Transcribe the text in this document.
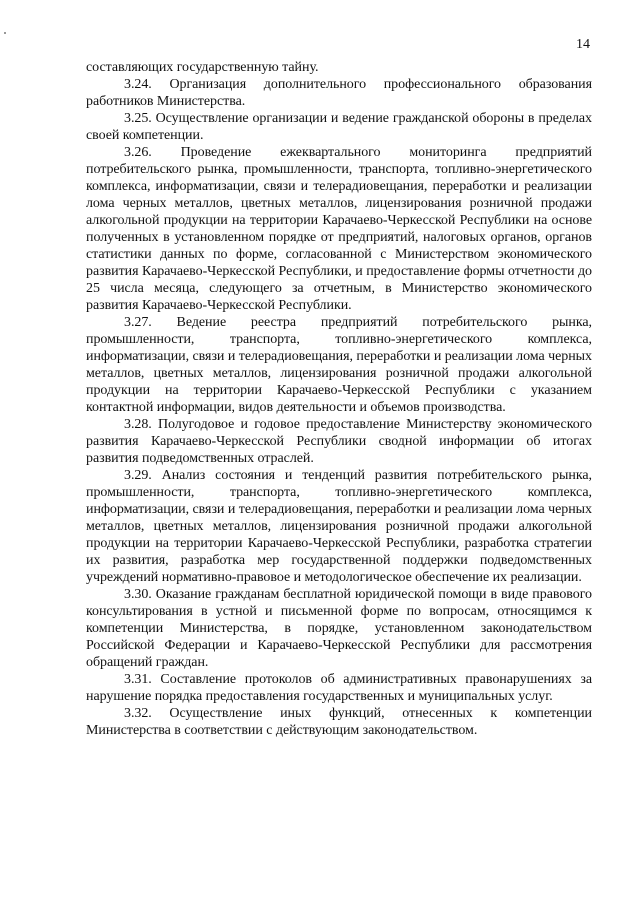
14

составляющих государственную тайну.

3.24. Организация дополнительного профессионального образования работников Министерства.

3.25. Осуществление организации и ведение гражданской обороны в пределах своей компетенции.

3.26. Проведение ежеквартального мониторинга предприятий потребительского рынка, промышленности, транспорта, топливно-энергетического комплекса, информатизации, связи и телерадиовещания, переработки и реализации лома черных металлов, цветных металлов, лицензирования розничной продажи алкогольной продукции на территории Карачаево-Черкесской Республики на основе полученных в установленном порядке от предприятий, налоговых органов, органов статистики данных по форме, согласованной с Министерством экономического развития Карачаево-Черкесской Республики, и предоставление формы отчетности до 25 числа месяца, следующего за отчетным, в Министерство экономического развития Карачаево-Черкесской Республики.

3.27. Ведение реестра предприятий потребительского рынка, промышленности, транспорта, топливно-энергетического комплекса, информатизации, связи и телерадиовещания, переработки и реализации лома черных металлов, цветных металлов, лицензирования розничной продажи алкогольной продукции на территории Карачаево-Черкесской Республики с указанием контактной информации, видов деятельности и объемов производства.

3.28. Полугодовое и годовое предоставление Министерству экономического развития Карачаево-Черкесской Республики сводной информации об итогах развития подведомственных отраслей.

3.29. Анализ состояния и тенденций развития потребительского рынка, промышленности, транспорта, топливно-энергетического комплекса, информатизации, связи и телерадиовещания, переработки и реализации лома черных металлов, цветных металлов, лицензирования розничной продажи алкогольной продукции на территории Карачаево-Черкесской Республики, разработка стратегии их развития, разработка мер государственной поддержки подведомственных учреждений нормативно-правовое и методологическое обеспечение их реализации.

3.30. Оказание гражданам бесплатной юридической помощи в виде правового консультирования в устной и письменной форме по вопросам, относящимся к компетенции Министерства, в порядке, установленном законодательством Российской Федерации и Карачаево-Черкесской Республики для рассмотрения обращений граждан.

3.31. Составление протоколов об административных правонарушениях за нарушение порядка предоставления государственных и муниципальных услуг.

3.32. Осуществление иных функций, отнесенных к компетенции Министерства в соответствии с действующим законодательством.
